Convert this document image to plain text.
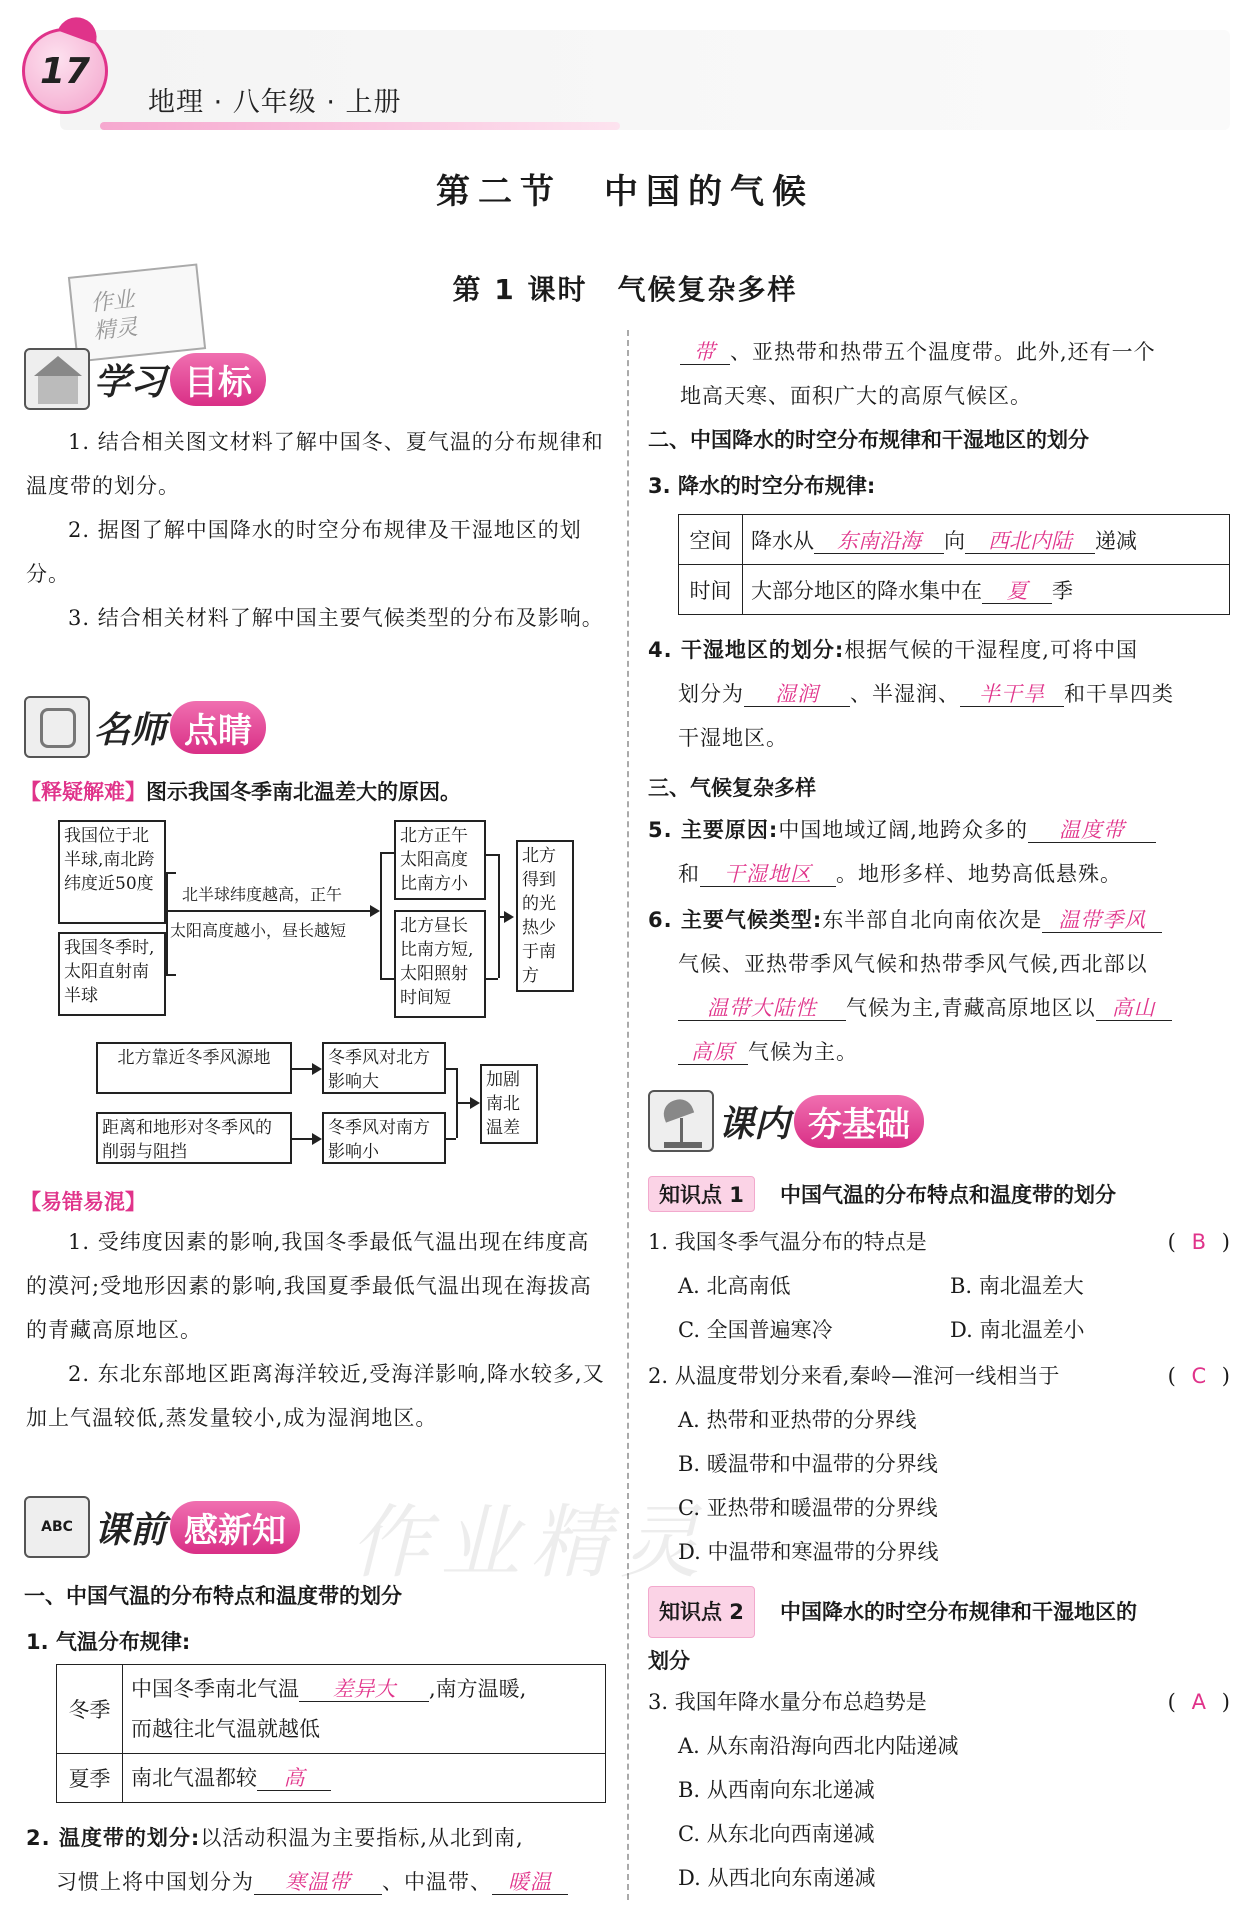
17
地理 · 八年级 · 上册
第二节　中国的气候
第 1 课时　气候复杂多样
作业精灵
学习 目标

1. 结合相关图文材料了解中国冬、夏气温的分布规律和温度带的划分。

2. 据图了解中国降水的时空分布规律及干湿地区的划分。

3. 结合相关材料了解中国主要气候类型的分布及影响。

名师 点睛
【释疑解难】图示我国冬季南北温差大的原因。
我国位于北半球,南北跨纬度近50度
我国冬季时,太阳直射南半球
北半球纬度越高，正午
太阳高度越小，昼长越短
北方正午太阳高度比南方小
北方昼长比南方短,太阳照射时间短
北方得到的光热少于南方
北方靠近冬季风源地
距离和地形对冬季风的削弱与阻挡
冬季风对北方影响大
冬季风对南方影响小
加剧南北温差
【易错易混】

1. 受纬度因素的影响,我国冬季最低气温出现在纬度高的漠河;受地形因素的影响,我国夏季最低气温出现在海拔高的青藏高原地区。

2. 东北东部地区距离海洋较近,受海洋影响,降水较多,又加上气温较低,蒸发量较小,成为湿润地区。

ABC 课前 感新知
一、中国气温的分布特点和温度带的划分
1. 气温分布规律:
冬季	中国冬季南北气温 差异大 ,南方温暖,
而越往北气温就越低
夏季	南北气温都较 高
2. 温度带的划分:以活动积温为主要指标,从北到南,
习惯上将中国划分为 寒温带 、中温带、 暖温
带 、亚热带和热带五个温度带。此外,还有一个
地高天寒、面积广大的高原气候区。
二、中国降水的时空分布规律和干湿地区的划分
3. 降水的时空分布规律:
空间	降水从 东南沿海 向 西北内陆 递减
时间	大部分地区的降水集中在 夏 季
4. 干湿地区的划分:根据气候的干湿程度,可将中国
划分为 湿润 、半湿润、 半干旱 和干旱四类
干湿地区。
三、气候复杂多样
5. 主要原因:中国地域辽阔,地跨众多的 温度带
和 干湿地区 。地形多样、地势高低悬殊。
6. 主要气候类型:东半部自北向南依次是 温带季风
气候、亚热带季风气候和热带季风气候,西北部以
温带大陆性 气候为主,青藏高原地区以 高山
高原 气候为主。
课内 夯基础
知识点 1 中国气温的分布特点和温度带的划分
1. 我国冬季气温分布的特点是	( B )
A. 北高南低	B. 南北温差大
C. 全国普遍寒冷	D. 南北温差小
2. 从温度带划分来看,秦岭—淮河一线相当于	( C )
A. 热带和亚热带的分界线
B. 暖温带和中温带的分界线
C. 亚热带和暖温带的分界线
D. 中温带和寒温带的分界线
知识点 2 中国降水的时空分布规律和干湿地区的
划分
3. 我国年降水量分布总趋势是	( A )
A. 从东南沿海向西北内陆递减
B. 从西南向东北递减
C. 从东北向西南递减
D. 从西北向东南递减
作业精灵
